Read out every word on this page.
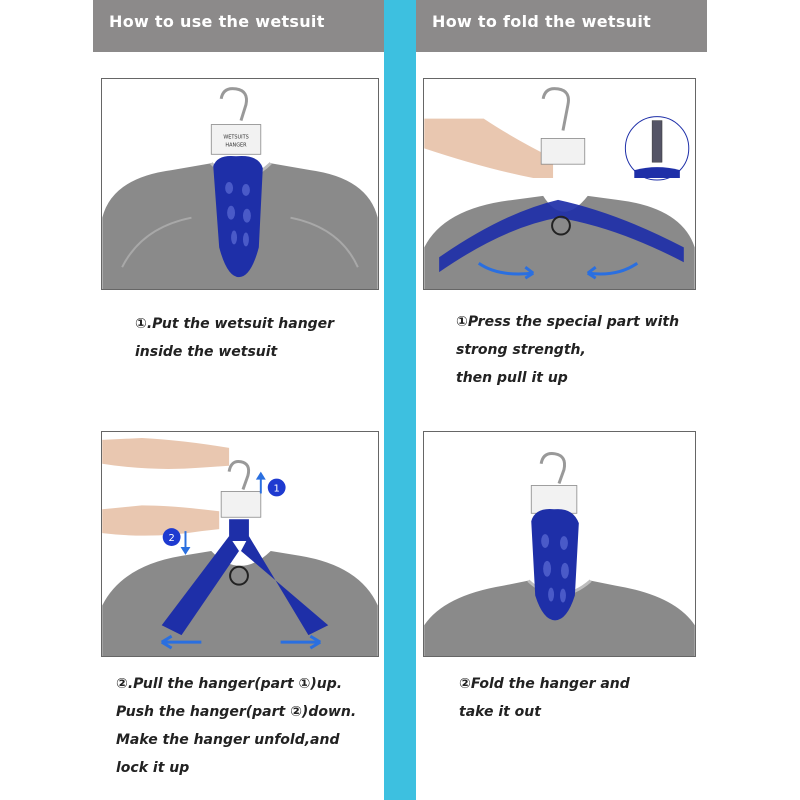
How to use the wetsuit hanger?
How to fold the wetsuit hanger?
WETSUITS
HANGER
1
2
①.Put the wetsuit hanger
inside the wetsuit
①Press the special part with
strong strength,
then pull it up
②.Pull the hanger(part ①)up.
Push the hanger(part ②)down.
Make the hanger unfold,and
lock it up
②Fold the hanger and
take it out
